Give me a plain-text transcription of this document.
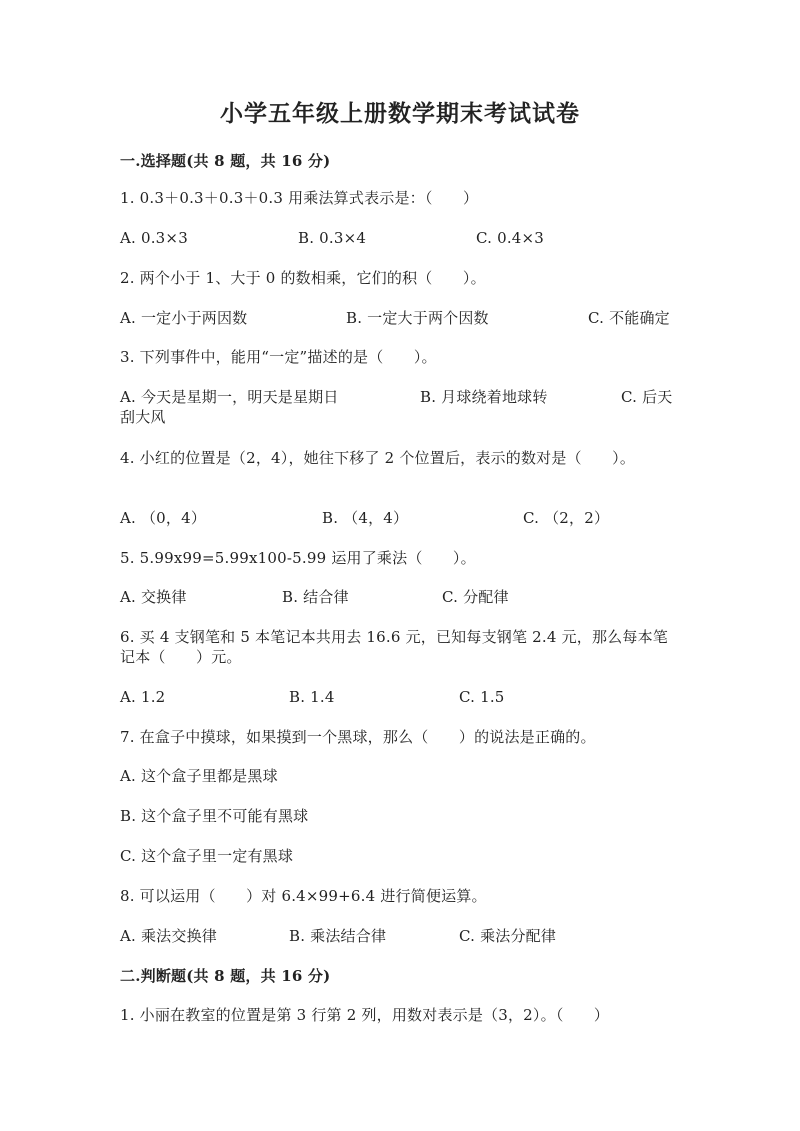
小学五年级上册数学期末考试试卷
一.选择题(共 8 题，共 16 分)
1. 0.3＋0.3＋0.3＋0.3 用乘法算式表示是：（　　）
A. 0.3×3	B. 0.3×4	C. 0.4×3
2. 两个小于 1、大于 0 的数相乘，它们的积（　　）。
A. 一定小于两因数	B. 一定大于两个因数	C. 不能确定
3. 下列事件中，能用“一定”描述的是（　　）。
A. 今天是星期一，明天是星期日	B. 月球绕着地球转	C. 后天
刮大风
4. 小红的位置是（2，4），她往下移了 2 个位置后，表示的数对是（　　）。
A. （0，4）	B. （4，4）	C. （2，2）
5. 5.99x99=5.99x100-5.99 运用了乘法（　　）。
A. 交换律	B. 结合律	C. 分配律
6. 买 4 支钢笔和 5 本笔记本共用去 16.6 元，已知每支钢笔 2.4 元，那么每本笔
记本（　　）元。
A. 1.2	B. 1.4	C. 1.5
7. 在盒子中摸球，如果摸到一个黑球，那么（　　）的说法是正确的。
A. 这个盒子里都是黑球
B. 这个盒子里不可能有黑球
C. 这个盒子里一定有黑球
8. 可以运用（　　）对 6.4×99+6.4 进行简便运算。
A. 乘法交换律	B. 乘法结合律	C. 乘法分配律
二.判断题(共 8 题，共 16 分)
1. 小丽在教室的位置是第 3 行第 2 列，用数对表示是（3，2）。（　　）
